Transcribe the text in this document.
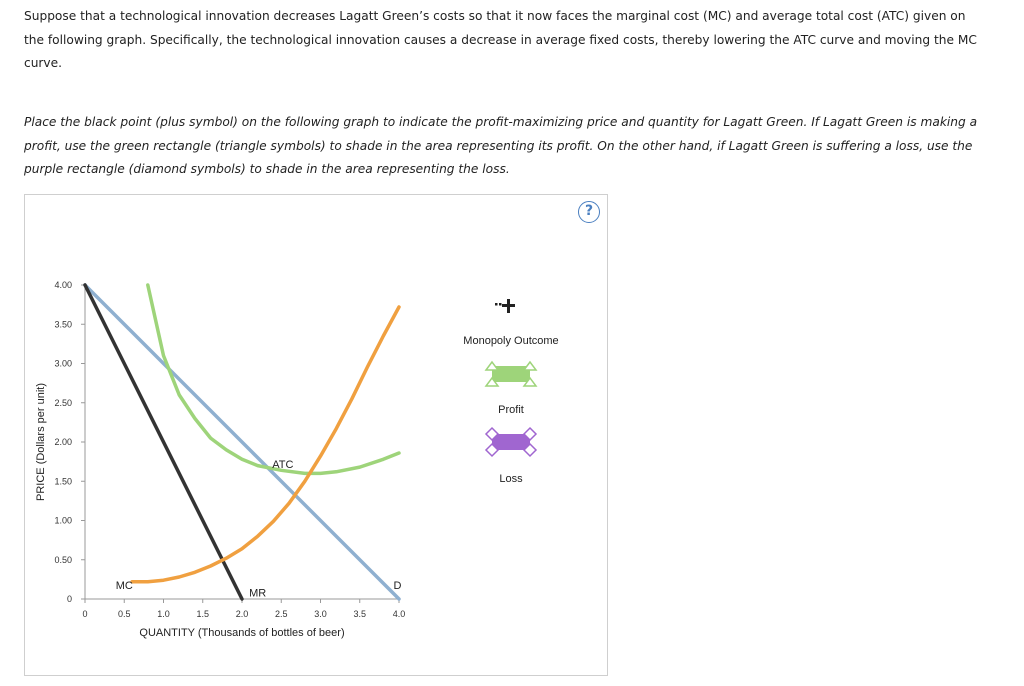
Suppose that a technological innovation decreases Lagatt Green’s costs so that it now faces the marginal cost (MC) and average total cost (ATC) given on the following graph. Specifically, the technological innovation causes a decrease in average fixed costs, thereby lowering the ATC curve and moving the MC curve.

Place the black point (plus symbol) on the following graph to indicate the profit-maximizing price and quantity for Lagatt Green. If Lagatt Green is making a profit, use the green rectangle (triangle symbols) to shade in the area representing its profit. On the other hand, if Lagatt Green is suffering a loss, use the purple rectangle (diamond symbols) to shade in the area representing the loss.

?
0
0.50
1.00
1.50
2.00
2.50
3.00
3.50
4.00
0	0.5	1.0	1.5	2.0	2.5	3.0	3.5	4.0
D
MR
ATC
MC
PRICE (Dollars per unit)
QUANTITY (Thousands of bottles of beer)
Monopoly Outcome
Profit
Loss
